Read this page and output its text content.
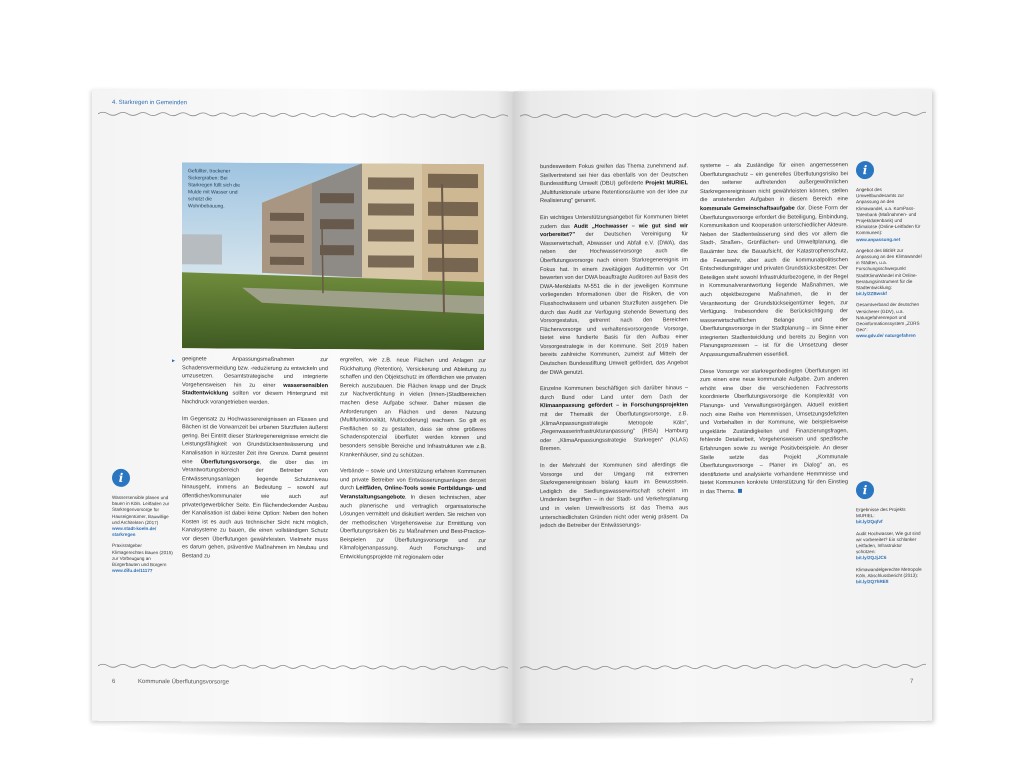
4. Starkregen in Gemeinden
Gefüllter, trockener Sickergraben: Bei Starkregen füllt sich die Mulde mit Wasser und schützt die Wohnbebauung.
▸ geeignete Anpassungsmaßnahmen zur Schadensvermeidung bzw. -reduzierung zu entwickeln und umzusetzen. Gesamtstrategische und integrierte Vorgehensweisen hin zu einer wassersensiblen Stadtentwicklung sollten vor diesem Hintergrund mit Nachdruck vorangetrieben werden.

Im Gegensatz zu Hochwasserereignissen an Flüssen und Bächen ist die Vorwarnzeit bei urbanen Sturzfluten äußerst gering. Bei Eintritt dieser Starkregenereignisse erreicht die Leistungsfähigkeit von Grundstücksentwässerung und Kanalisation in kürzester Zeit ihre Grenze. Damit gewinnt eine Überflutungsvorsorge, die über das im Verantwortungsbereich der Betreiber von Entwässerungsanlagen liegende Schutzniveau hinausgeht, immens an Bedeutung – sowohl auf öffentlicher/kommunaler wie auch auf privater/gewerblicher Seite. Ein flächendeckender Ausbau der Kanalisation ist dabei keine Option: Neben den hohen Kosten ist es auch aus technischer Sicht nicht möglich, Kanalsysteme zu bauen, die einen vollständigen Schutz vor diesen Überflutungen gewährleisten. Vielmehr muss es darum gehen, präventive Maßnahmen im Neubau und Bestand zu

ergreifen, wie z.B. neue Flächen und Anlagen zur Rückhaltung (Retention), Versickerung und Ableitung zu schaffen und den Objektschutz im öffentlichen wie privaten Bereich auszubauen. Die Flächen knapp und der Druck zur Nachverdichtung in vielen (Innen-)Stadtbereichen machen diese Aufgabe schwer. Daher müssen die Anforderungen an Flächen und deren Nutzung (Multifunktionalität, Multicodierung) wachsen. So gilt es Freiflächen so zu gestalten, dass sie ohne größeres Schadenspotenzial überflutet werden können und besonders sensible Bereiche und Infrastrukturen wie z.B. Krankenhäuser, sind zu schützen.

Verbände – sowie und Unterstützung erfahren Kommunen und private Betreiber von Entwässerungsanlagen derzeit durch Leitfäden, Online-Tools sowie Fortbildungs- und Veranstaltungsangebote. In diesen technischen, aber auch planerische und vertraglich organisatorische Lösungen vermittelt und diskutiert werden. Sie reichen von der methodischen Vorgehensweise zur Ermittlung von Überflutungsrisiken bis zu Maßnahmen und Best-Practice-Beispielen zur Überflutungsvorsorge und zur Klimafolgenanpassung. Auch Forschungs- und Entwicklungsprojekte mit regionalem oder

i

Wassersensible planen und bauen in Köln. Leitfaden zur Starkregenvorsorge für Hauseigentümer, Bauwillige und Architekten (2017)
www.stadt-koeln.de/ starkregen

Praxisratgeber Klimagerechtes Bauen (2015) zur Vorbeugung an Bürgerbauten und Bürgern
www.difu.de/11177

6	Kommunale Überflutungsvorsorge

bundesweitem Fokus greifen das Thema zunehmend auf. Stellvertretend sei hier das ebenfalls von der Deutschen Bundesstiftung Umwelt (DBU) geförderte Projekt MURIEL „Multifunktionale urbane Retentionsräume von der Idee zur Realisierung" genannt.

Ein wichtiges Unterstützungsangebot für Kommunen bietet zudem das Audit „Hochwasser – wie gut sind wir vorbereitet?" der Deutschen Vereinigung für Wasserwirtschaft, Abwasser und Abfall e.V. (DWA), das neben der Hochwasservorsorge auch die Überflutungsvorsorge nach einem Starkregenereignis im Fokus hat. In einem zweitägigen Audittermin vor Ort bewerten von der DWA beauftragte Auditoren auf Basis des DWA-Merkblatts M-551 die in der jeweiligen Kommune vorliegenden Informationen über die Risiken, die von Flusshochwässern und urbanen Sturzfluten ausgehen. Die durch das Audit zur Verfügung stehende Bewertung des Vorsorgestatus, getrennt nach den Bereichen Flächenvorsorge und verhaltensvorsorgende Vorsorge, bietet eine fundierte Basis für den Aufbau einer Vorsorgestrategie in der Kommune. Seit 2019 haben bereits zahlreiche Kommunen, zumeist auf Mitteln der Deutschen Bundesstiftung Umwelt gefördert, das Angebot der DWA genutzt.

Einzelne Kommunen beschäftigen sich darüber hinaus – durch Bund oder Land unter dem Dach der Klimaanpassung gefördert – in Forschungsprojekten mit der Thematik der Überflutungsvorsorge, z.B. „KlimaAnpassungsstrategie Metropole Köln", „Regenwasserinfrastrukturanpassung" (RISA) Hamburg oder „KlimaAnpassungsstrategie Starkregen" (KLAS) Bremen.

In der Mehrzahl der Kommunen sind allerdings die Vorsorge und der Umgang mit extremen Starkregenereignissen bislang kaum im Bewusstsein. Lediglich die Siedlungswasserwirtschaft scheint im Umdenken begriffen – in der Stadt- und Verkehrsplanung und in vielen Umweltressorts ist das Thema aus unterschiedlichsten Gründen nicht oder wenig präsent. Da jedoch die Betreiber der Entwässerungs-

systeme – als Zuständige für einen angemessenen Überflutungsschutz – ein generelles Überflutungsrisiko bei den seltener auftretenden außergewöhnlichen Starkregenereignissen nicht gewährleisten können, stellen die anstehenden Aufgaben in diesem Bereich eine kommunale Gemeinschaftsaufgabe dar. Diese Form der Überflutungsvorsorge erfordert die Beteiligung, Einbindung, Kommunikation und Kooperation unterschiedlicher Akteure. Neben der Stadtentwässerung sind dies vor allem die Stadt-, Straßen-, Grünflächen- und Umweltplanung, die Bauämter bzw. die Bauaufsicht, der Katastrophenschutz, die Feuerwehr, aber auch die kommunalpolitischen Entscheidungsträger und privaten Grundstücksbesitzer. Der Beteiligen steht sowohl Infrastrukturbezogene, in der Regel in Kommunalverantwortung liegende Maßnahmen, wie auch objektbezogene Maßnahmen, die in der Verantwortung der Grundstückseigentümer liegen, zur Verfügung. Insbesondere die Berücksichtigung der wasserwirtschaftlichen Belange und der Überflutungsvorsorge in der Stadtplanung – im Sinne einer integrierten Stadtentwicklung und bereits zu Beginn von Planungsprozessen – ist für die Umsetzung dieser Anpassungsmaßnahmen essentiell.

Diese Vorsorge vor starkregenbedingten Überflutungen ist zum einen eine neue kommunale Aufgabe. Zum anderen erhöht eine über die verschiedenen Fachressorts koordinierte Überflutungsvorsorge die Komplexität von Planungs- und Verwaltungsvorgängen. Aktuell existiert noch eine Reihe von Hemmnissen, Umsetzungsdefiziten und Vorbehalten in der Kommune, wie beispielsweise ungeklärte Zuständigkeiten und Finanzierungsfragen, fehlende Detailarbeit, Vorgehensweisen und spezifische Erfahrungen sowie zu wenige Positivbeispiele. An dieser Stelle setzte das Projekt „Kommunale Überflutungsvorsorge – Planer im Dialog" an, es identifizierte und analysierte vorhandene Hemmnisse und bietet Kommunen konkrete Unterstützung für den Einstieg in das Thema.

i

Angebot des Umweltbundesamts zur Anpassung an den Klimawandel, u.a. KomPass-Tatenbank (Maßnahmen- und Projektdatenbank) und Klimalotse (Online-Leitfaden für Kommunen):
www.anpassung.net

Angebot des BBSR zur Anpassung an den Klimawandel in Städten, u.a. Forschungsschwerpunkt StadtKlimaWandel mit Online-Beratungsinstrument für die Stadtentwicklung:
bit.ly/2ZBwskf

Gesamtverband der deutschen Versicherer (GDV), u.a. Naturgefahrenreport und Geoinformationssystem „ZÜRS Geo":
www.gdv.de/ naturgefahren

i

Ergebnisse des Projekts MURIEL:
bit.ly/2Qqfvf

Audit Hochwasser, Wie gut sind wir vorbereitet? Ein schlanker Leitfaden, Infrastruktur schützen:
bit.ly/2QJjJC6

Klimawandelgerechte Metropole Köln, Abschlussbericht (2013):
bit.ly/2Q7hRE8

7
